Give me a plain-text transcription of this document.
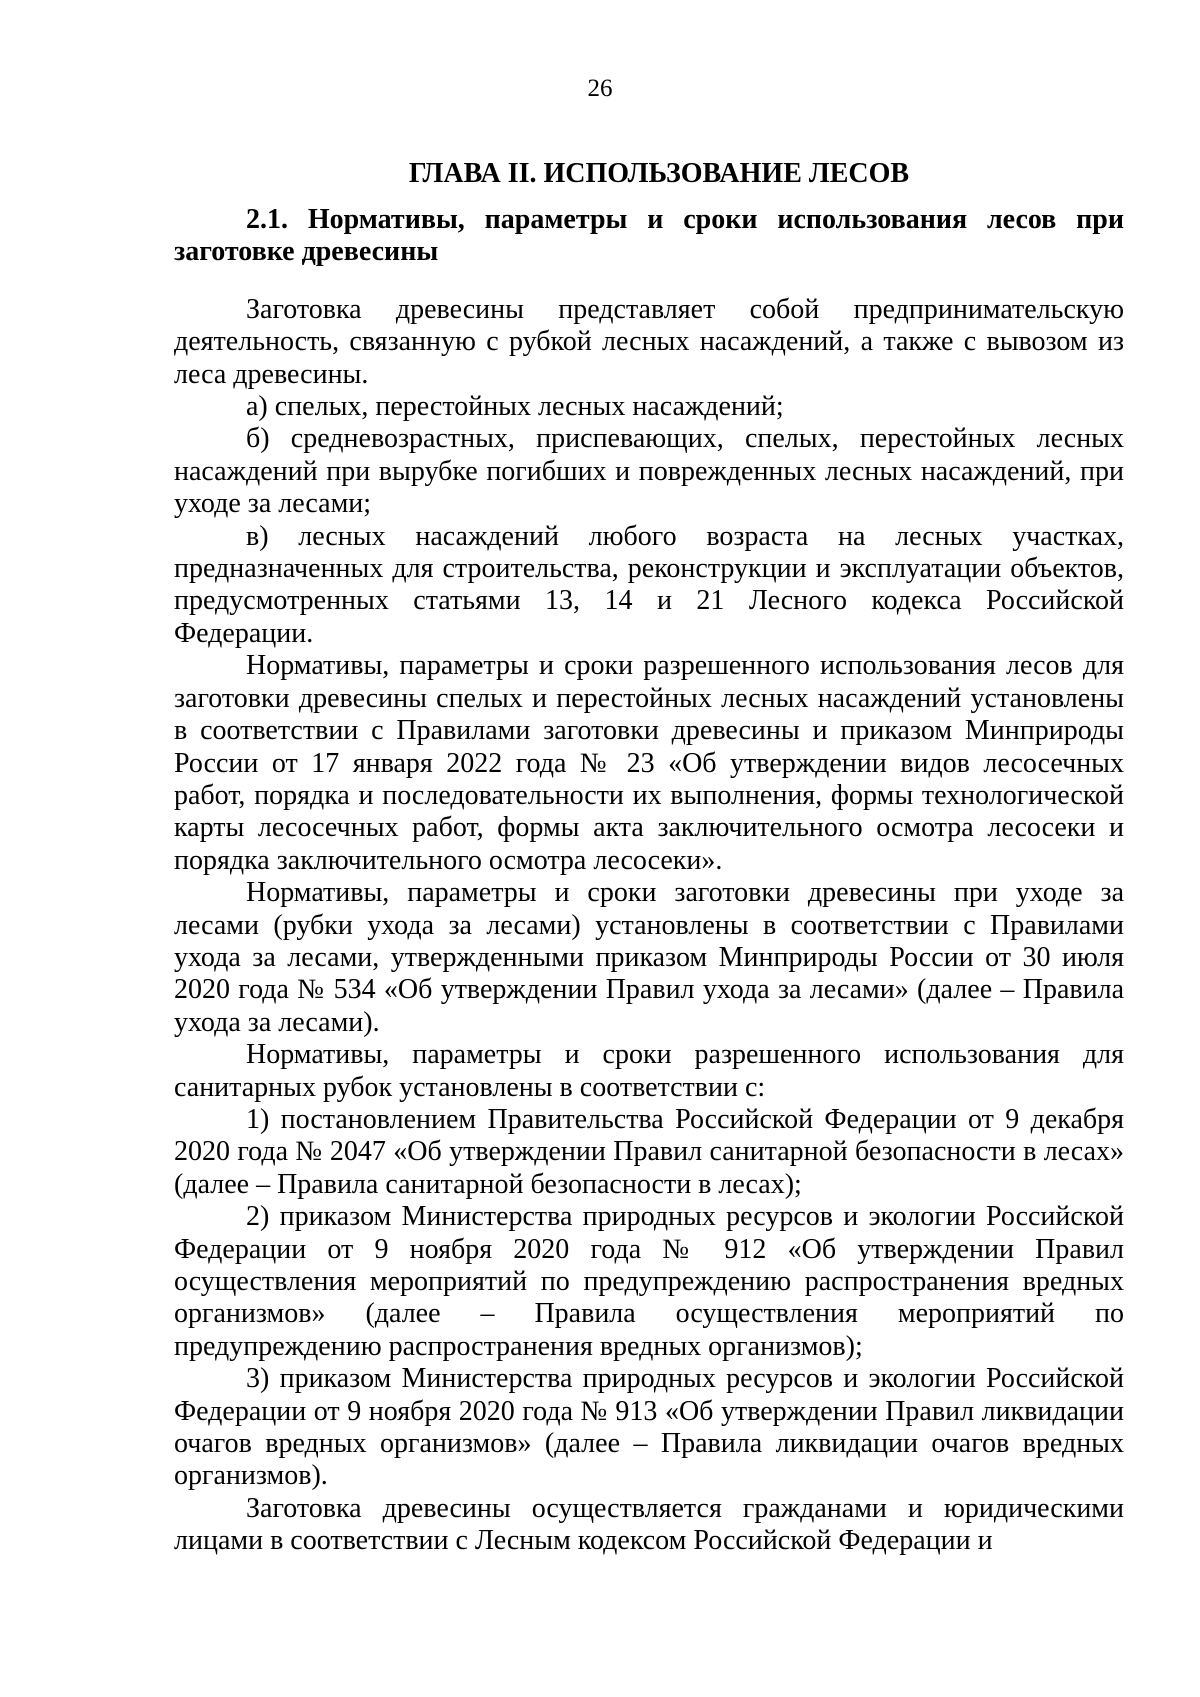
26

ГЛАВА II. ИСПОЛЬЗОВАНИЕ ЛЕСОВ

2.1. Нормативы, параметры и сроки использования лесов при заготовке древесины

Заготовка древесины представляет собой предпринимательскую деятельность, связанную с рубкой лесных насаждений, а также с вывозом из леса древесины.

а) спелых, перестойных лесных насаждений;

б) средневозрастных, приспевающих, спелых, перестойных лесных насаждений при вырубке погибших и поврежденных лесных насаждений, при уходе за лесами;

в) лесных насаждений любого возраста на лесных участках, предназначенных для строительства, реконструкции и эксплуатации объектов, предусмотренных статьями 13, 14 и 21 Лесного кодекса Российской Федерации.

Нормативы, параметры и сроки разрешенного использования лесов для заготовки древесины спелых и перестойных лесных насаждений установлены в соответствии с Правилами заготовки древесины и приказом Минприроды России от 17 января 2022 года № 23 «Об утверждении видов лесосечных работ, порядка и последовательности их выполнения, формы технологической карты лесосечных работ, формы акта заключительного осмотра лесосеки и порядка заключительного осмотра лесосеки».

Нормативы, параметры и сроки заготовки древесины при уходе за лесами (рубки ухода за лесами) установлены в соответствии с Правилами ухода за лесами, утвержденными приказом Минприроды России от 30 июля 2020 года № 534 «Об утверждении Правил ухода за лесами» (далее – Правила ухода за лесами).

Нормативы, параметры и сроки разрешенного использования для санитарных рубок установлены в соответствии с:

1) постановлением Правительства Российской Федерации от 9 декабря 2020 года № 2047 «Об утверждении Правил санитарной безопасности в лесах» (далее – Правила санитарной безопасности в лесах);

2) приказом Министерства природных ресурсов и экологии Российской Федерации от 9 ноября 2020 года № 912 «Об утверждении Правил осуществления мероприятий по предупреждению распространения вредных организмов» (далее – Правила осуществления мероприятий по предупреждению распространения вредных организмов);

3) приказом Министерства природных ресурсов и экологии Российской Федерации от 9 ноября 2020 года № 913 «Об утверждении Правил ликвидации очагов вредных организмов» (далее – Правила ликвидации очагов вредных организмов).

Заготовка древесины осуществляется гражданами и юридическими лицами в соответствии с Лесным кодексом Российской Федерации и
